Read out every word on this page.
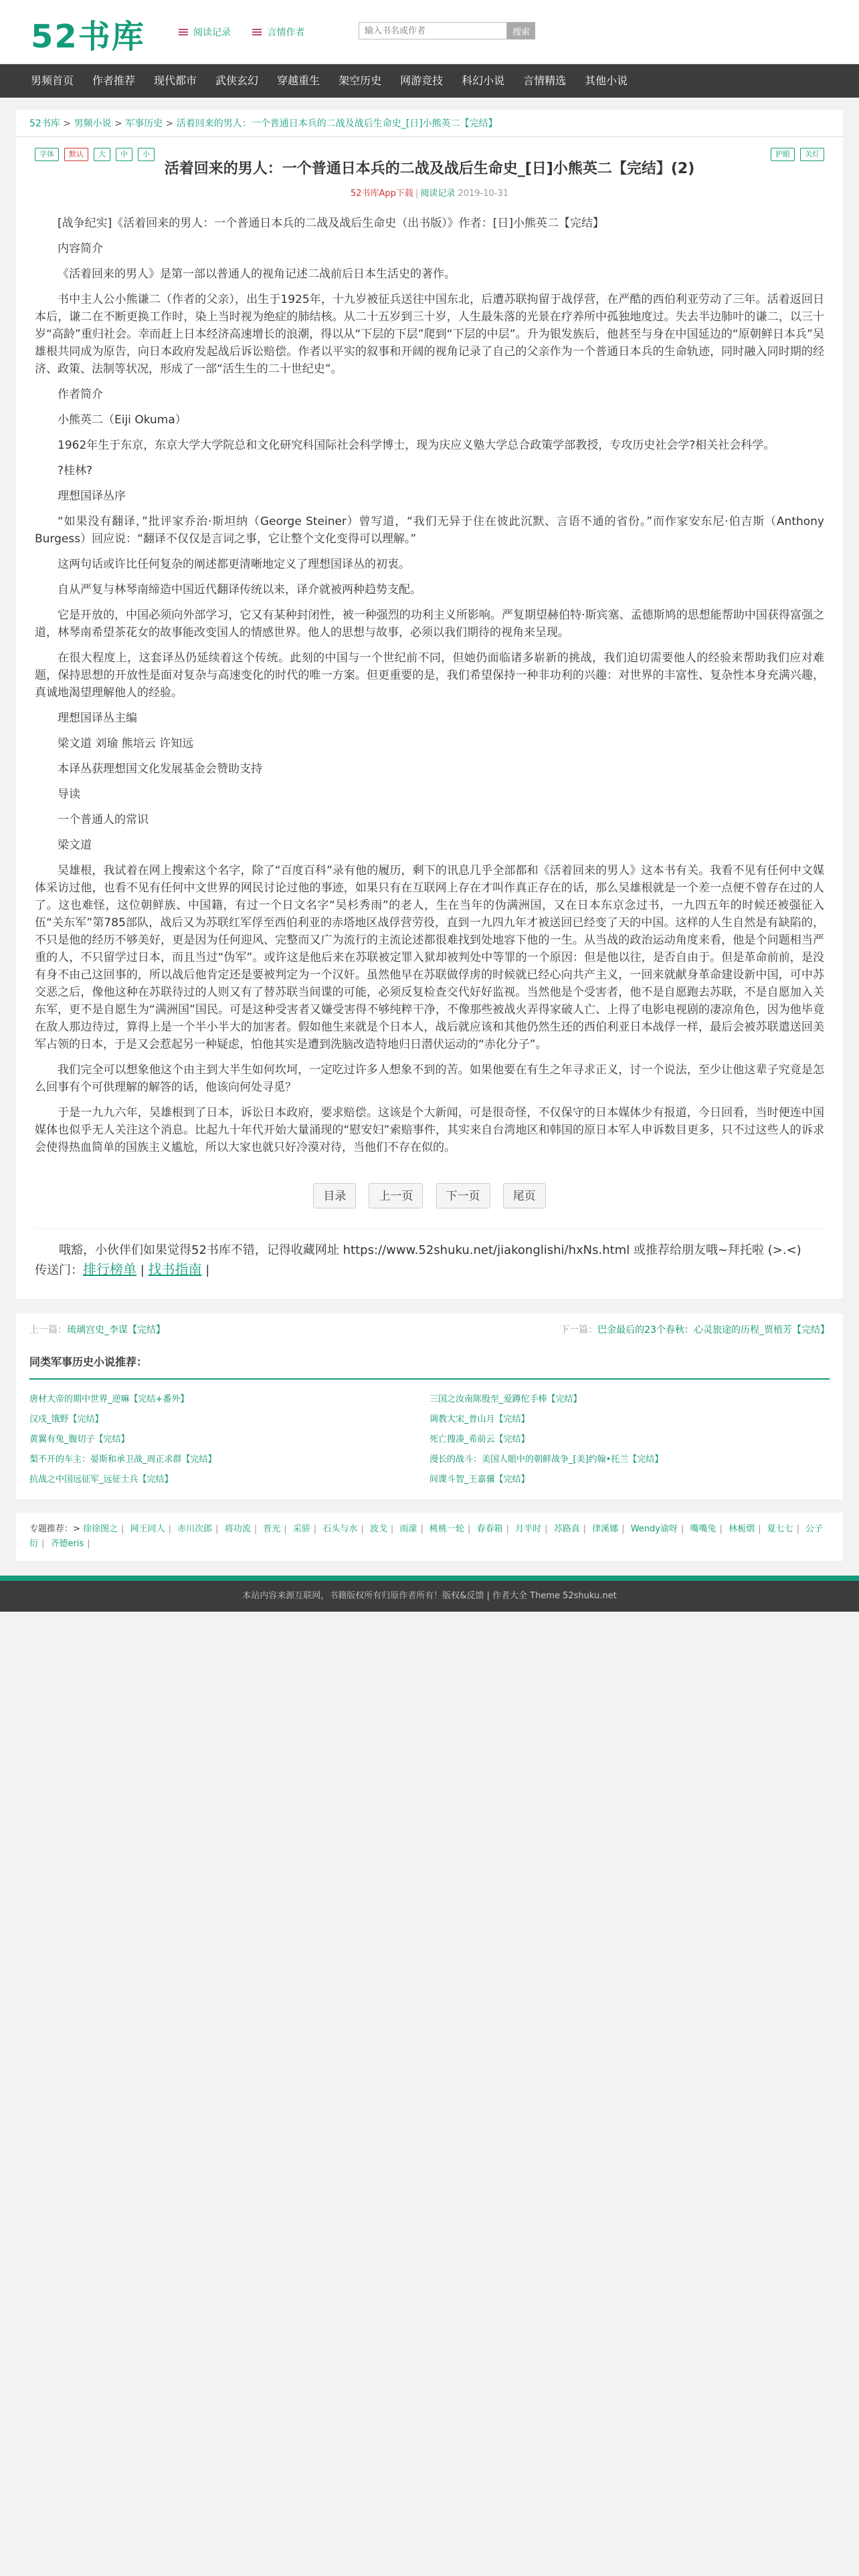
52书库	阅读记录	言情作者
输入书名或作者	搜索
男频首页	作者推荐	现代都市	武侠玄幻	穿越重生	架空历史	网游竞技	科幻小说	言情精选	其他小说
52书库 > 男频小说 > 军事历史 > 活着回来的男人：一个普通日本兵的二战及战后生命史_[日]小熊英二【完结】
字体	默认	大	中	小	护眼	关灯
活着回来的男人：一个普通日本兵的二战及战后生命史_[日]小熊英二【完结】(2)
52书库App下载 | 阅读记录 2019-10-31

[战争纪实]《活着回来的男人：一个普通日本兵的二战及战后生命史（出书版）》作者：[日]小熊英二【完结】

内容简介

《活着回来的男人》是第一部以普通人的视角记述二战前后日本生活史的著作。

书中主人公小熊谦二（作者的父亲），出生于1925年，十九岁被征兵送往中国东北，后遭苏联拘留于战俘营，在严酷的西伯利亚劳动了三年。活着返回日本后，谦二在不断更换工作时，染上当时视为绝症的肺结核。从二十五岁到三十岁，人生最朱落的光景在疗养所中孤独地度过。失去半边肺叶的谦二，以三十岁“高龄”重归社会。幸而赶上日本经济高速增长的浪潮，得以从“下层的下层”爬到“下层的中层”。升为银发族后，他甚至与身在中国延边的“原朝鲜日本兵”吴雄根共同成为原告，向日本政府发起战后诉讼赔偿。作者以平实的叙事和开阔的视角记录了自己的父亲作为一个普通日本兵的生命轨迹，同时融入同时期的经济、政策、法制等状况，形成了一部“活生生的二十世纪史”。

作者简介

小熊英二（Eiji Okuma）

1962年生于东京，东京大学大学院总和文化研究科国际社会科学博士，现为庆应义塾大学总合政策学部教授，专攻历史社会学?相关社会科学。

?桂林?

理想国译丛序

“如果没有翻译，”批评家乔治·斯坦纳（George Steiner）曾写道，“我们无异于住在彼此沉默、言语不通的省份。”而作家安东尼·伯吉斯（Anthony Burgess）回应说：“翻译不仅仅是言词之事，它让整个文化变得可以理解。”

这两句话或许比任何复杂的阐述都更清晰地定义了理想国译丛的初衷。

自从严复与林琴南缔造中国近代翻译传统以来，译介就被两种趋势支配。

它是开放的，中国必须向外部学习，它又有某种封闭性，被一种强烈的功利主义所影响。严复期望赫伯特·斯宾塞、孟德斯鸠的思想能帮助中国获得富强之道，林琴南希望茶花女的故事能改变国人的情感世界。他人的思想与故事，必须以我们期待的视角来呈现。

在很大程度上，这套译丛仍延续着这个传统。此刻的中国与一个世纪前不同，但她仍面临诸多崭新的挑战，我们迫切需要他人的经验来帮助我们应对难题，保持思想的开放性是面对复杂与高速变化的时代的唯一方案。但更重要的是，我们希望保持一种非功利的兴趣：对世界的丰富性、复杂性本身充满兴趣，真诚地渴望理解他人的经验。

理想国译丛主编

梁文道 刘瑜 熊培云 许知远

本译丛获理想国文化发展基金会赞助支持

导读

一个普通人的常识

梁文道

吴雄根，我试着在网上搜索这个名字，除了“百度百科”录有他的履历，剩下的讯息几乎全部都和《活着回来的男人》这本书有关。我看不见有任何中文媒体采访过他，也看不见有任何中文世界的网民讨论过他的事迹，如果只有在互联网上存在才叫作真正存在的话，那么吴雄根就是一个差一点便不曾存在过的人了。这也难怪，这位朝鲜族、中国籍，有过一个日文名字“吴杉秀雨”的老人，生在当年的伪满洲国，又在日本东京念过书，一九四五年的时候还被强征入伍“关东军”第785部队，战后又为苏联红军俘至西伯利亚的赤塔地区战俘营劳役，直到一九四九年才被送回已经变了天的中国。这样的人生自然是有缺陷的，不只是他的经历不够美好，更是因为任何迎风、完整而又广为流行的主流论述都很难找到处地容下他的一生。从当战的政治运动角度来看，他是个问题相当严重的人，不只留学过日本，而且当过“伪军”。或许这是他后来在苏联被定罪入狱却被判处中等罪的一个原因：但是他以往，是否自由于。但是革命前前，是没有身不由己这回事的，所以战后他肯定还是要被判定为一个汉奸。虽然他早在苏联做俘虏的时候就已经心向共产主义，一回来就献身革命建设新中国，可中苏交恶之后，像他这种在苏联待过的人则又有了替苏联当间谍的可能，必须反复检查交代好好监视。当然他是个受害者，他不是自愿跑去苏联，不是自愿加入关东军，更不是自愿生为“满洲国”国民。可是这种受害者又嫌受害得不够纯粹干净，不像那些被战火弄得家破人亡、上得了电影电视剧的凄凉角色，因为他毕竟在敌人那边待过，算得上是一个半小半大的加害者。假如他生来就是个日本人，战后就应该和其他仍然生还的西伯利亚日本战俘一样，最后会被苏联遣送回美军占领的日本，于是又会惹起另一种疑虑，怕他其实是遭到洗脑改造特地归日潜伏运动的“赤化分子”。

我们完全可以想象他这个由主到大半生如何坎坷，一定吃过许多人想象不到的苦。如果他要在有生之年寻求正义，讨一个说法，至少让他这辈子究竟是怎么回事有个可供理解的解答的话，他该向何处寻觅？

于是一九九六年，吴雄根到了日本，诉讼日本政府，要求赔偿。这该是个大新闻，可是很奇怪，不仅保守的日本媒体少有报道，今日回看，当时便连中国媒体也似乎无人关注这个消息。比起九十年代开始大量涌现的“慰安妇”索赔事件，其实来自台湾地区和韩国的原日本军人申诉数目更多，只不过这些人的诉求会使得热血简单的国族主义尴尬，所以大家也就只好冷漠对待，当他们不存在似的。

目录	上一页	下一页	尾页

哦豁，小伙伴们如果觉得52书库不错，记得收藏网址 https://www.52shuku.net/jiakonglishi/hxNs.html 或推荐给朋友哦~拜托啦 (>.<)

传送门：排行榜单 | 找书指南 |

上一篇：琉璃宫史_李谋【完结】	下一篇：巴金最后的23个春秋：心灵旅途的历程_贾植芳【完结】
同类军事历史小说推荐：
唐材大帝的期中世界_逆嘛【完结+番外】	三国之汝南陈殷至_爱蹲佗手棒【完结】
汉戍_饿野【完结】	调教大宋_普山月【完结】
黄翼有兔_腹切子【完结】	死亡搜凑_希前云【完结】
梨不开的车主：晏斯和承卫战_周正求群【完结】	漫长的战斗：美国人眼中的朝鲜战争_[美]约翰•托兰【完结】
抗战之中国远征军_远征士兵【完结】	间谍斗智_王嘉骥【完结】
专题推荐：> 徐徐图之 | 网王同人 | 赤川次郎 | 将功流 | 晋光 | 采骄 | 石头与水 | 波戈 | 雨濛 | 桃桃一轮 | 春春箱 | 月半时 | 苏路真 | 律溪娜 | Wendy谕呀 | 嘴嘴兔 | 林栀熠 | 夏七七 | 公子衍 | 齐德eris |
本站内容来源互联网，书籍版权所有归原作者所有！版权&反馈 | 作者大全 Theme 52shuku.net
